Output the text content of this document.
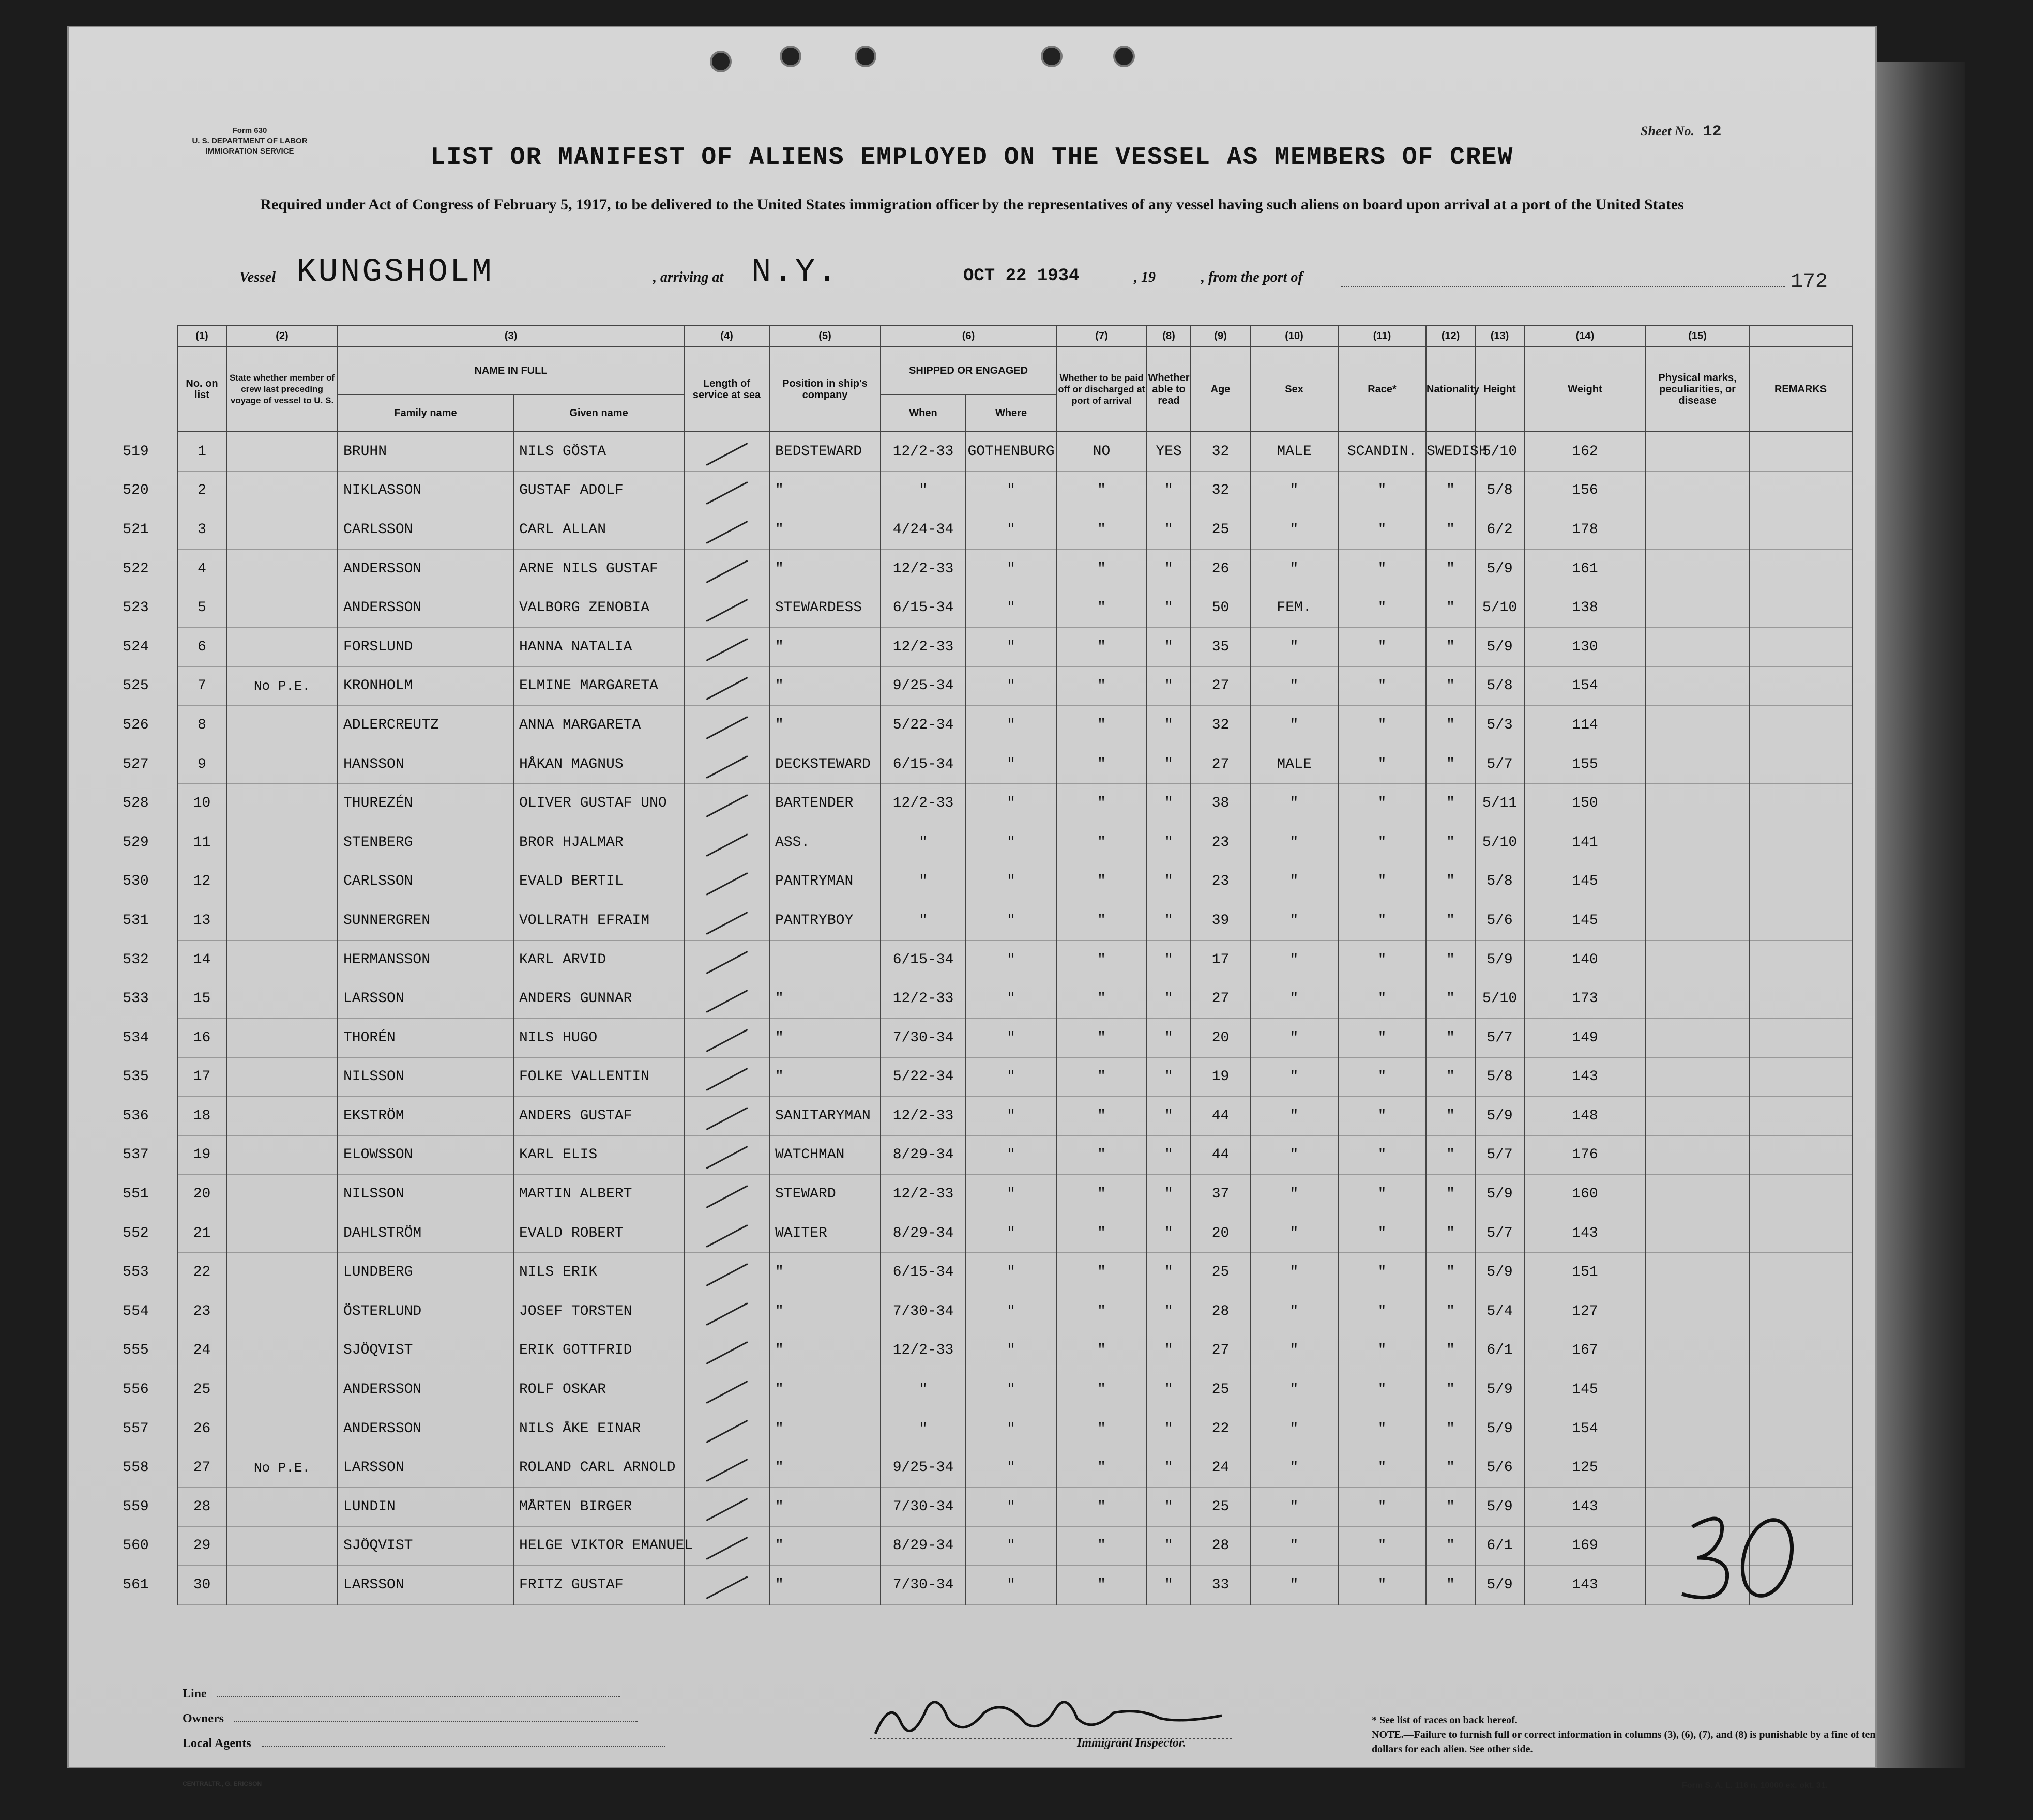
Form 630
U. S. DEPARTMENT OF LABOR
IMMIGRATION SERVICE
Sheet No. 12
LIST OR MANIFEST OF ALIENS EMPLOYED ON THE VESSEL AS MEMBERS OF CREW
Required under Act of Congress of February 5, 1917, to be delivered to the United States immigration officer by the representatives of any vessel having such aliens on board upon arrival at a port of the United States
Vessel KUNGSHOLM	, arriving at N.Y.	OCT 22 1934	, 19	, from the port of	172
	(1)	(2)	(3)		(4)	(5)	(6)		(7)	(8)	(9)	(10)	(11)	(12)	(13)	(14)	(15)	
	No. on list	State whether member of crew last preceding voyage of vessel to U. S.	NAME IN FULL		Length of service at sea	Position in ship's company	SHIPPED OR ENGAGED		Whether to be paid off or discharged at port of arrival	Whether able to read	Age	Sex	Race*	Nationality	Height	Weight	Physical marks, peculiarities, or disease	REMARKS
			Family name	Given name			When	Where										
519	1		BRUHN	NILS GÖSTA		BEDSTEWARD	12/2-33	GOTHENBURG	NO	YES	32	MALE	SCANDIN.	SWEDISH	5/10	162		
520	2		NIKLASSON	GUSTAF ADOLF		"	"	"	"	"	32	"	"	"	5/8	156		
521	3		CARLSSON	CARL ALLAN		"	4/24-34	"	"	"	25	"	"	"	6/2	178		
522	4		ANDERSSON	ARNE NILS GUSTAF		"	12/2-33	"	"	"	26	"	"	"	5/9	161		
523	5		ANDERSSON	VALBORG ZENOBIA		STEWARDESS	6/15-34	"	"	"	50	FEM.	"	"	5/10	138		
524	6		FORSLUND	HANNA NATALIA		"	12/2-33	"	"	"	35	"	"	"	5/9	130		
525	7	No P.E.	KRONHOLM	ELMINE MARGARETA		"	9/25-34	"	"	"	27	"	"	"	5/8	154		
526	8		ADLERCREUTZ	ANNA MARGARETA		"	5/22-34	"	"	"	32	"	"	"	5/3	114		
527	9		HANSSON	HÅKAN MAGNUS		DECKSTEWARD	6/15-34	"	"	"	27	MALE	"	"	5/7	155		
528	10		THUREZÉN	OLIVER GUSTAF UNO		BARTENDER	12/2-33	"	"	"	38	"	"	"	5/11	150		
529	11		STENBERG	BROR HJALMAR		ASS.	"	"	"	"	23	"	"	"	5/10	141		
530	12		CARLSSON	EVALD BERTIL		PANTRYMAN	"	"	"	"	23	"	"	"	5/8	145		
531	13		SUNNERGREN	VOLLRATH EFRAIM		PANTRYBOY	"	"	"	"	39	"	"	"	5/6	145		
532	14		HERMANSSON	KARL ARVID			6/15-34	"	"	"	17	"	"	"	5/9	140		
533	15		LARSSON	ANDERS GUNNAR		"	12/2-33	"	"	"	27	"	"	"	5/10	173		
534	16		THORÉN	NILS HUGO		"	7/30-34	"	"	"	20	"	"	"	5/7	149		
535	17		NILSSON	FOLKE VALLENTIN		"	5/22-34	"	"	"	19	"	"	"	5/8	143		
536	18		EKSTRÖM	ANDERS GUSTAF		SANITARYMAN	12/2-33	"	"	"	44	"	"	"	5/9	148		
537	19		ELOWSSON	KARL ELIS		WATCHMAN	8/29-34	"	"	"	44	"	"	"	5/7	176		
551	20		NILSSON	MARTIN ALBERT		STEWARD	12/2-33	"	"	"	37	"	"	"	5/9	160		
552	21		DAHLSTRÖM	EVALD ROBERT		WAITER	8/29-34	"	"	"	20	"	"	"	5/7	143		
553	22		LUNDBERG	NILS ERIK		"	6/15-34	"	"	"	25	"	"	"	5/9	151		
554	23		ÖSTERLUND	JOSEF TORSTEN		"	7/30-34	"	"	"	28	"	"	"	5/4	127		
555	24		SJÖQVIST	ERIK GOTTFRID		"	12/2-33	"	"	"	27	"	"	"	6/1	167		
556	25		ANDERSSON	ROLF OSKAR		"	"	"	"	"	25	"	"	"	5/9	145		
557	26		ANDERSSON	NILS ÅKE EINAR		"	"	"	"	"	22	"	"	"	5/9	154		
558	27	No P.E.	LARSSON	ROLAND CARL ARNOLD		"	9/25-34	"	"	"	24	"	"	"	5/6	125		
559	28		LUNDIN	MÅRTEN BIRGER		"	7/30-34	"	"	"	25	"	"	"	5/9	143		
560	29		SJÖQVIST	HELGE VIKTOR EMANUEL		"	8/29-34	"	"	"	28	"	"	"	6/1	169		
561	30		LARSSON	FRITZ GUSTAF		"	7/30-34	"	"	"	33	"	"	"	5/9	143		
Line
Owners
Local Agents	Immigrant Inspector.
* See list of races on back hereof.
NOTE.—Failure to furnish full or correct information in columns (3), (6), (7), and (8) is punishable by a fine of ten dollars for each alien. See other side.
Form S. A. L. 116 n. 10000 ex. okt. 31.
CENTRALTR., G. ERICSON
